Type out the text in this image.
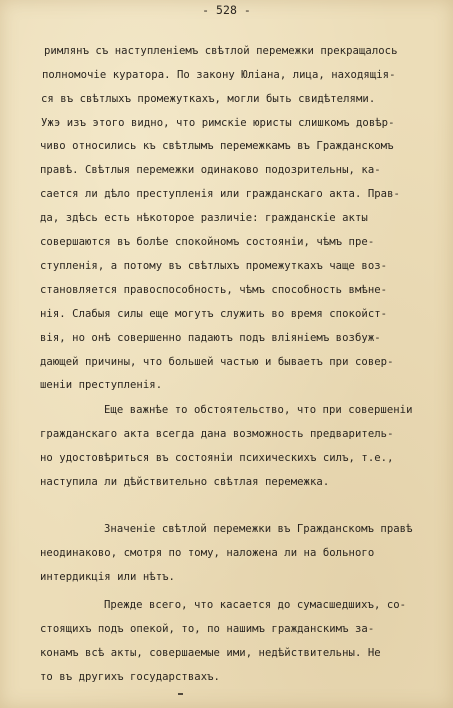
- 528 -
римлянъ съ наступленіемъ свѣтлой перемежки прекращалось
полномочіе куратора. По закону Юліана, лица, находящія-
ся въ свѣтлыхъ промежуткахъ, могли быть свидѣтелями.
Ужэ изъ этого видно, что римскіе юристы слишкомъ довѣр-
чиво относились къ свѣтлымъ перемежкамъ въ Гражданскомъ
правѣ. Свѣтлыя перемежки одинаково подозрительны, ка-
сается ли дѣло преступленія или гражданскаго акта. Прав-
да, здѣсь есть нѣкоторое различіе: гражданскіе акты
совершаются въ болѣе спокойномъ состояніи, чѣмъ пре-
ступленія, а потому въ свѣтлыхъ промежуткахъ чаще воз-
становляется правоспособность, чѣмъ способность вмѣне-
нія. Слабыя силы еще могутъ служить во время спокойст-
вія, но онѣ совершенно падаютъ подъ вліяніемъ возбуж-
дающей причины, что большей частью и бываетъ при совер-
шеніи преступленія.
Еще важнѣе то обстоятельство, что при совершеніи
гражданскаго акта всегда дана возможность предваритель-
но удостовѣриться въ состояніи психическихъ силъ, т.е.,
наступила ли дѣйствительно свѣтлая перемежка.
Значеніе свѣтлой перемежки въ Гражданскомъ правѣ
неодинаково, смотря по тому, наложена ли на больного
интердикція или нѣтъ.
Прежде всего, что касается до сумасшедшихъ, со-
стоящихъ подъ опекой, то, по нашимъ гражданскимъ за-
конамъ всѣ акты, совершаемые ими, недѣйствительны. Не
то въ другихъ государствахъ.
